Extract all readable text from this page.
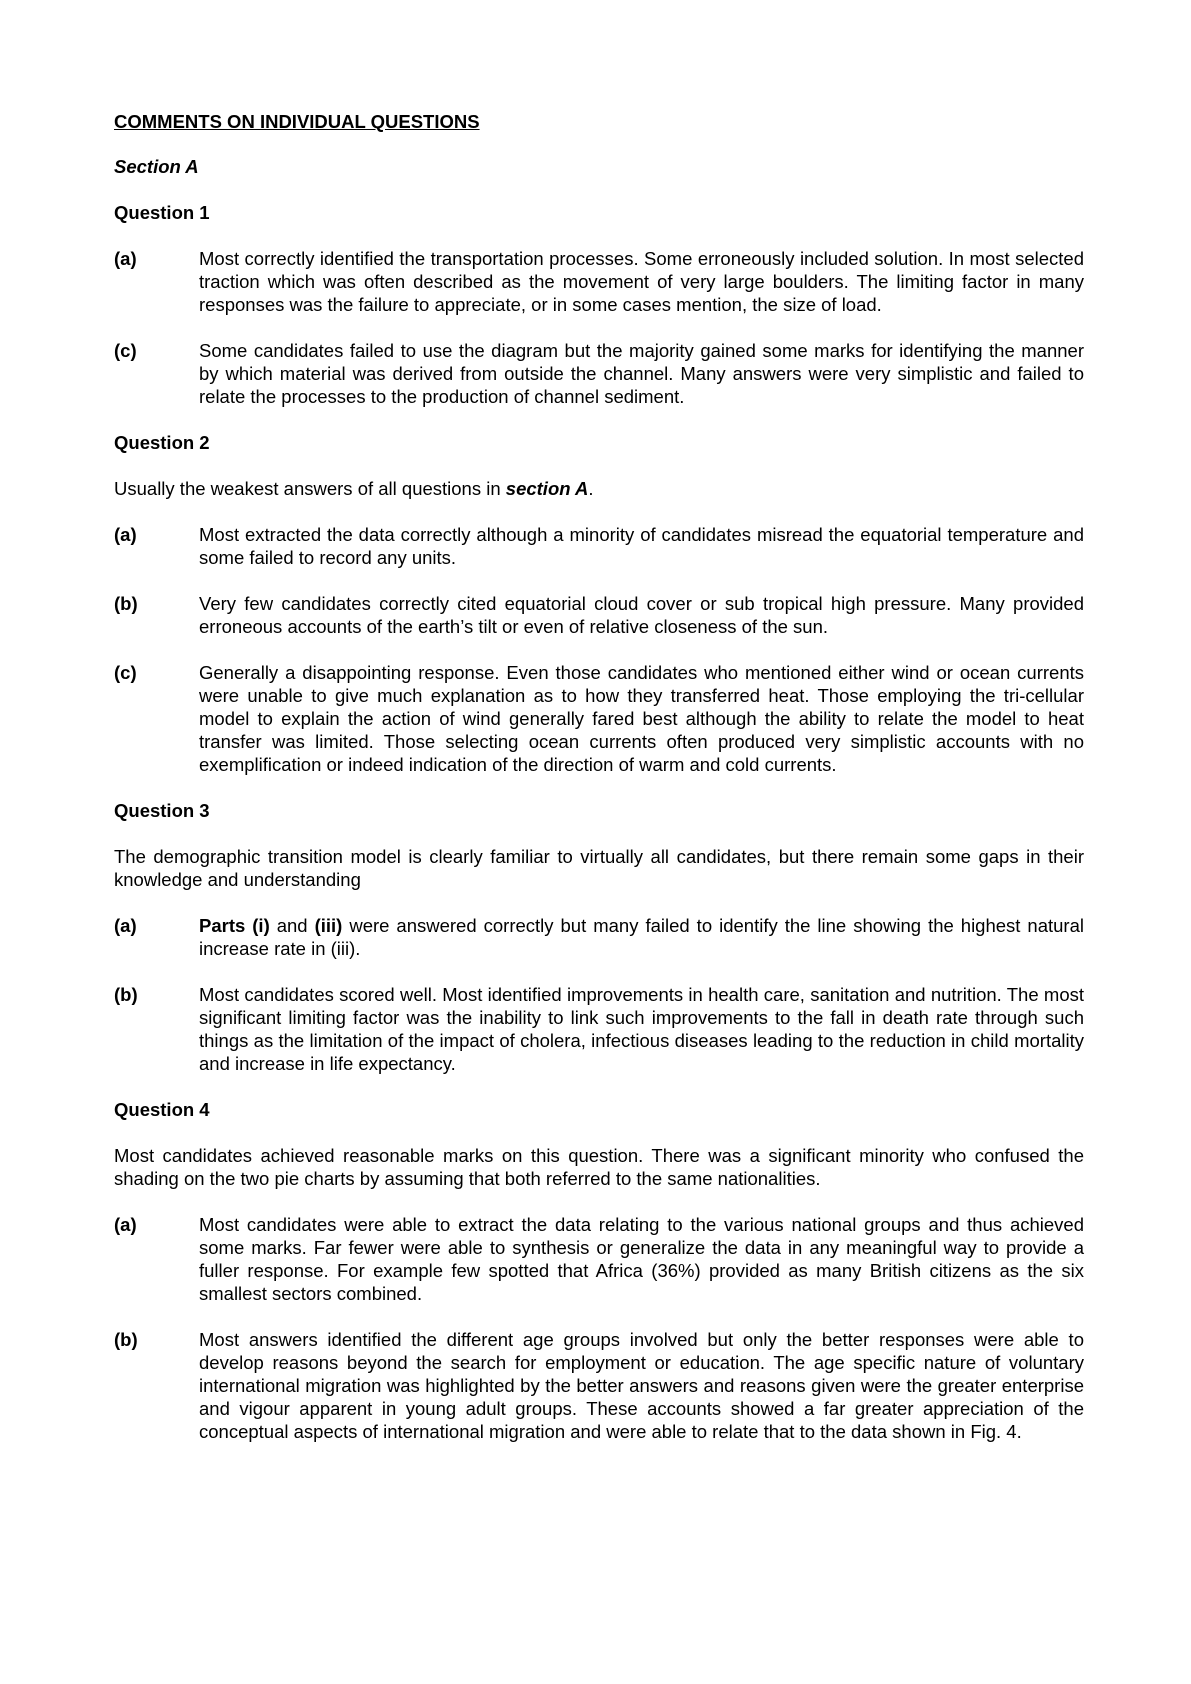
COMMENTS ON INDIVIDUAL QUESTIONS
Section A
Question 1
(a)	Most correctly identified the transportation processes. Some erroneously included solution. In most selected traction which was often described as the movement of very large boulders. The limiting factor in many responses was the failure to appreciate, or in some cases mention, the size of load.
(c)	Some candidates failed to use the diagram but the majority gained some marks for identifying the manner by which material was derived from outside the channel. Many answers were very simplistic and failed to relate the processes to the production of channel sediment.
Question 2
Usually the weakest answers of all questions in section A.
(a)	Most extracted the data correctly although a minority of candidates misread the equatorial temperature and some failed to record any units.
(b)	Very few candidates correctly cited equatorial cloud cover or sub tropical high pressure. Many provided erroneous accounts of the earth’s tilt or even of relative closeness of the sun.
(c)	Generally a disappointing response. Even those candidates who mentioned either wind or ocean currents were unable to give much explanation as to how they transferred heat. Those employing the tri-cellular model to explain the action of wind generally fared best although the ability to relate the model to heat transfer was limited. Those selecting ocean currents often produced very simplistic accounts with no exemplification or indeed indication of the direction of warm and cold currents.
Question 3
The demographic transition model is clearly familiar to virtually all candidates, but there remain some gaps in their knowledge and understanding
(a)	Parts (i) and (iii) were answered correctly but many failed to identify the line showing the highest natural increase rate in (iii).
(b)	Most candidates scored well. Most identified improvements in health care, sanitation and nutrition. The most significant limiting factor was the inability to link such improvements to the fall in death rate through such things as the limitation of the impact of cholera, infectious diseases leading to the reduction in child mortality and increase in life expectancy.
Question 4
Most candidates achieved reasonable marks on this question. There was a significant minority who confused the shading on the two pie charts by assuming that both referred to the same nationalities.
(a)	Most candidates were able to extract the data relating to the various national groups and thus achieved some marks. Far fewer were able to synthesis or generalize the data in any meaningful way to provide a fuller response. For example few spotted that Africa (36%) provided as many British citizens as the six smallest sectors combined.
(b)	Most answers identified the different age groups involved but only the better responses were able to develop reasons beyond the search for employment or education. The age specific nature of voluntary international migration was highlighted by the better answers and reasons given were the greater enterprise and vigour apparent in young adult groups. These accounts showed a far greater appreciation of the conceptual aspects of international migration and were able to relate that to the data shown in Fig. 4.
